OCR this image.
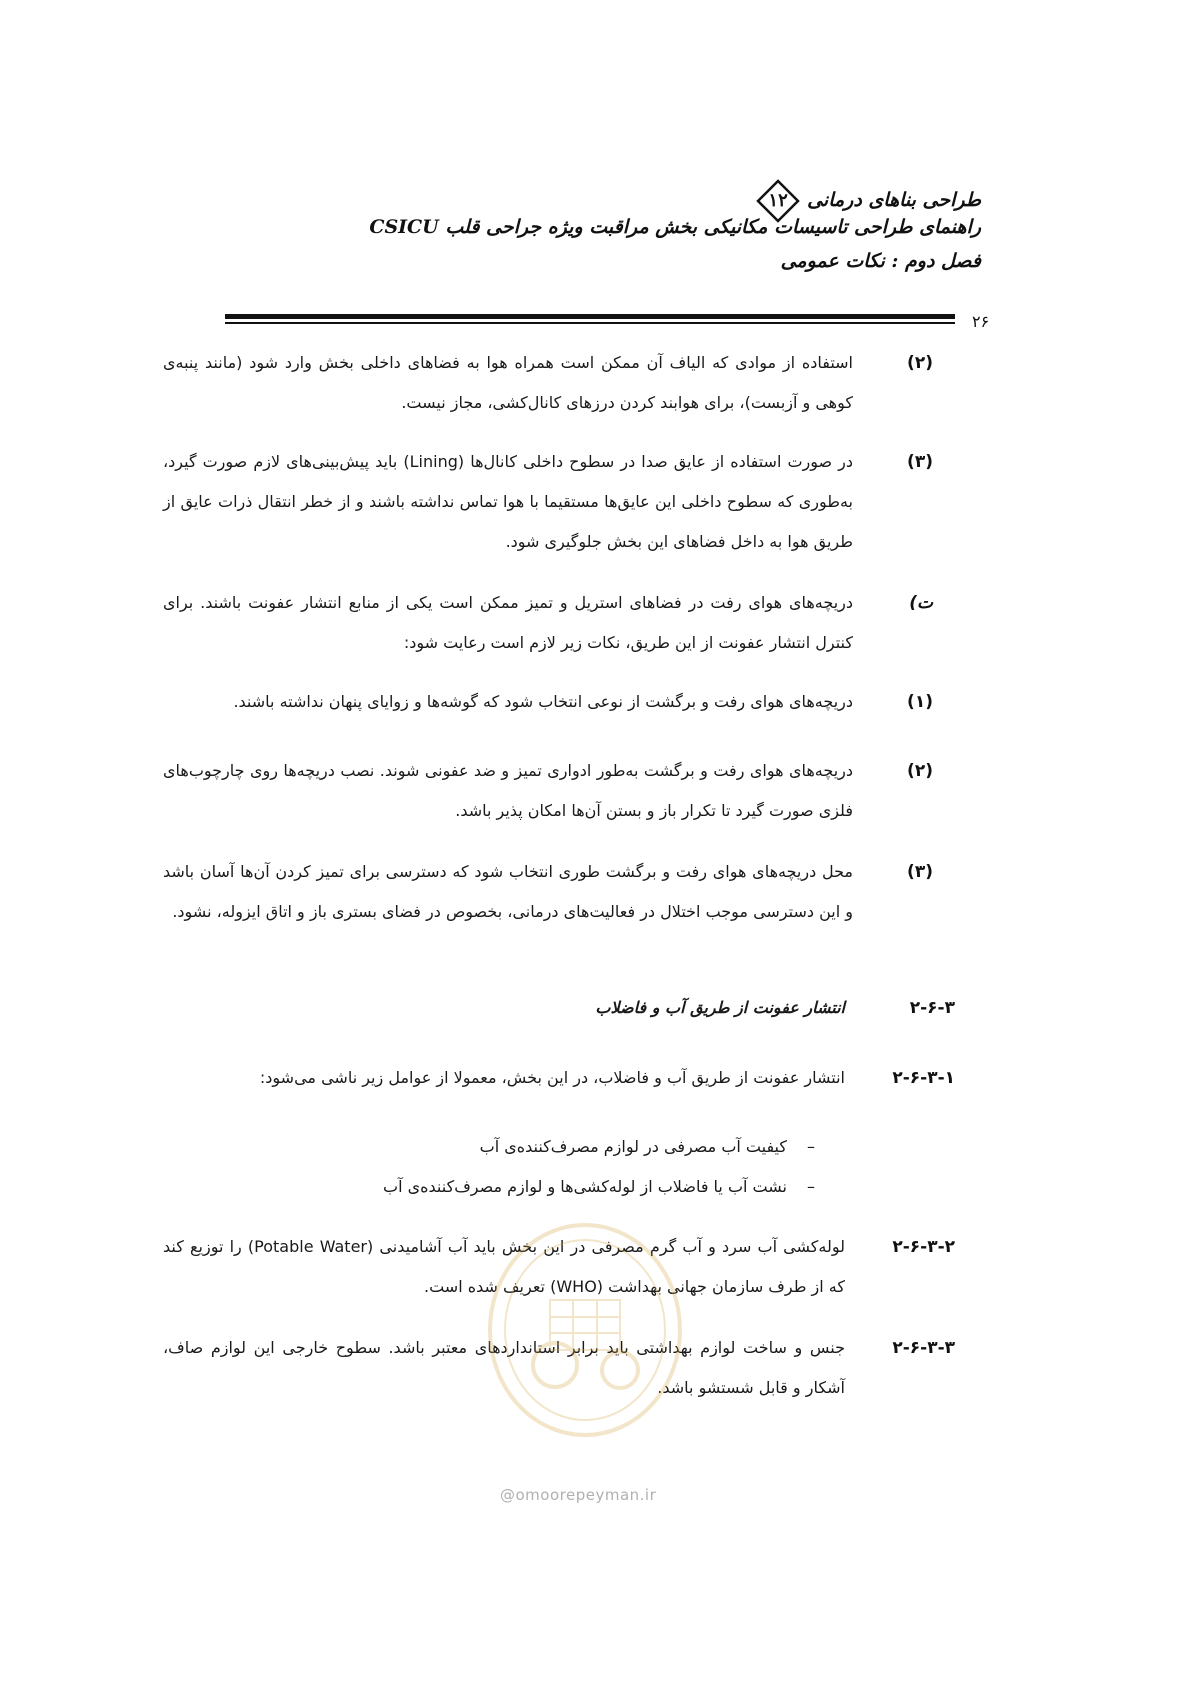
طراحی بناهای درمانی
۱۲
راهنمای طراحی تاسیسات مکانیکی بخش مراقبت ویژه جراحی قلب CSICU
فصل دوم : نکات عمومی
۲۶
(۲)
استفاده از موادی که الیاف آن ممکن است همراه هوا به فضاهای داخلی بخش وارد شود (مانند پنبه‌ی کوهی و آزبست)، برای هوابند کردن درزهای کانال‌کشی، مجاز نیست.
(۳)
در صورت استفاده از عایق صدا در سطوح داخلی کانال‌ها (Lining) باید پیش‌بینی‌های لازم صورت گیرد، به‌طوری که سطوح داخلی این عایق‌ها مستقیما با هوا تماس نداشته باشند و از خطر انتقال ذرات عایق از طریق هوا به داخل فضاهای این بخش جلوگیری شود.
ت)
دریچه‌های هوای رفت در فضاهای استریل و تمیز ممکن است یکی از منابع انتشار عفونت باشند. برای کنترل انتشار عفونت از این طریق، نکات زیر لازم است رعایت شود:
(۱)
دریچه‌های هوای رفت و برگشت از نوعی انتخاب شود که گوشه‌ها و زوایای پنهان نداشته باشند.
(۲)
دریچه‌های هوای رفت و برگشت به‌طور ادواری تمیز و ضد عفونی شوند. نصب دریچه‌ها روی چارچوب‌های فلزی صورت گیرد تا تکرار باز و بستن آن‌ها امکان پذیر باشد.
(۳)
محل دریچه‌های هوای رفت و برگشت طوری انتخاب شود که دسترسی برای تمیز کردن آن‌ها آسان باشد و این دسترسی موجب اختلال در فعالیت‌های درمانی، بخصوص در فضای بستری باز و اتاق ایزوله، نشود.
۲-۶-۳
انتشار عفونت از طریق آب و فاضلاب
۲-۶-۳-۱
انتشار عفونت از طریق آب و فاضلاب، در این بخش، معمولا از عوامل زیر ناشی می‌شود:
–کیفیت آب مصرفی در لوازم مصرف‌کننده‌ی آب
–نشت آب یا فاضلاب از لوله‌کشی‌ها و لوازم مصرف‌کننده‌ی آب
۲-۶-۳-۲
لوله‌کشی آب سرد و آب گرم مصرفی در این بخش باید آب آشامیدنی (Potable Water) را توزیع کند که از طرف سازمان جهانی بهداشت (WHO) تعریف شده است.
۲-۶-۳-۳
جنس و ساخت لوازم بهداشتی باید برابر استانداردهای معتبر باشد. سطوح خارجی این لوازم صاف، آشکار و قابل شستشو باشد.
@omoorepeyman.ir
